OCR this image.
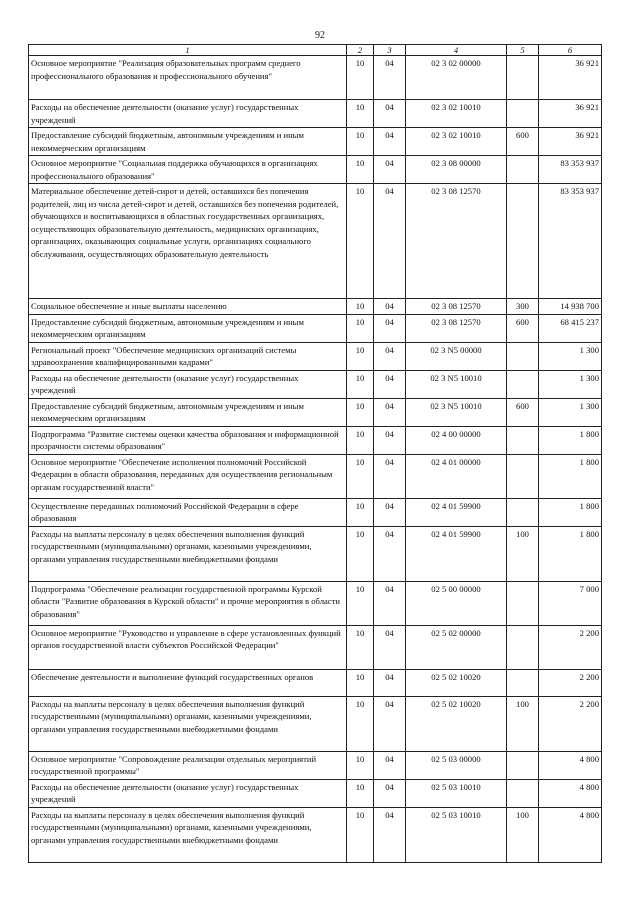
92
1	2	3	4	5	6
Основное мероприятие "Реализация образовательных программ среднего профессионального образования и профессионального обучения"	10	04	02 3 02 00000		36 921
Расходы на обеспечение деятельности (оказание услуг) государственных учреждений	10	04	02 3 02 10010		36 921
Предоставление субсидий бюджетным, автономным учреждениям и иным некоммерческим организациям	10	04	02 3 02 10010	600	36 921
Основное мероприятие "Социальная поддержка обучающихся в организациях профессионального образования"	10	04	02 3 08 00000		83 353 937
Материальное обеспечение детей-сирот и детей, оставшихся без попечения родителей, лиц из числа детей-сирот и детей, оставшихся без попечения родителей, обучающихся и воспитывающихся в областных государственных организациях, осуществляющих образовательную деятельность, медицинских организациях, организациях, оказывающих социальные услуги, организациях социального обслуживания, осуществляющих образовательную деятельность	10	04	02 3 08 12570		83 353 937
Социальное обеспечение и иные выплаты населению	10	04	02 3 08 12570	300	14 938 700
Предоставление субсидий бюджетным, автономным учреждениям и иным некоммерческим организациям	10	04	02 3 08 12570	600	68 415 237
Региональный проект "Обеспечение медицинских организаций системы здравоохранения квалифицированными кадрами"	10	04	02 3 N5 00000		1 300
Расходы на обеспечение деятельности (оказание услуг) государственных учреждений	10	04	02 3 N5 10010		1 300
Предоставление субсидий бюджетным, автономным учреждениям и иным некоммерческим организациям	10	04	02 3 N5 10010	600	1 300
Подпрограмма "Развитие системы оценки качества образования и информационной прозрачности системы образования"	10	04	02 4 00 00000		1 800
Основное мероприятие "Обеспечение исполнения полномочий Российской Федерации в области образования, переданных для осуществления региональным органам государственной власти"	10	04	02 4 01 00000		1 800
Осуществление переданных полномочий Российской Федерации в сфере образования	10	04	02 4 01 59900		1 800
Расходы на выплаты персоналу в целях обеспечения выполнения функций государственными (муниципальными) органами, казенными учреждениями, органами управления государственными внебюджетными фондами	10	04	02 4 01 59900	100	1 800
Подпрограмма "Обеспечение реализации государственной программы Курской области "Развитие образования в Курской области" и прочие мероприятия в области образования"	10	04	02 5 00 00000		7 000
Основное мероприятие "Руководство и управление в сфере установленных функций органов государственной власти субъектов Российской Федерации"	10	04	02 5 02 00000		2 200
Обеспечение деятельности и выполнение функций государственных органов	10	04	02 5 02 10020		2 200
Расходы на выплаты персоналу в целях обеспечения выполнения функций государственными (муниципальными) органами, казенными учреждениями, органами управления государственными внебюджетными фондами	10	04	02 5 02 10020	100	2 200
Основное мероприятие "Сопровождение реализации отдельных мероприятий государственной программы"	10	04	02 5 03 00000		4 800
Расходы на обеспечение деятельности (оказание услуг) государственных учреждений	10	04	02 5 03 10010		4 800
Расходы на выплаты персоналу в целях обеспечения выполнения функций государственными (муниципальными) органами, казенными учреждениями, органами управления государственными внебюджетными фондами	10	04	02 5 03 10010	100	4 800
